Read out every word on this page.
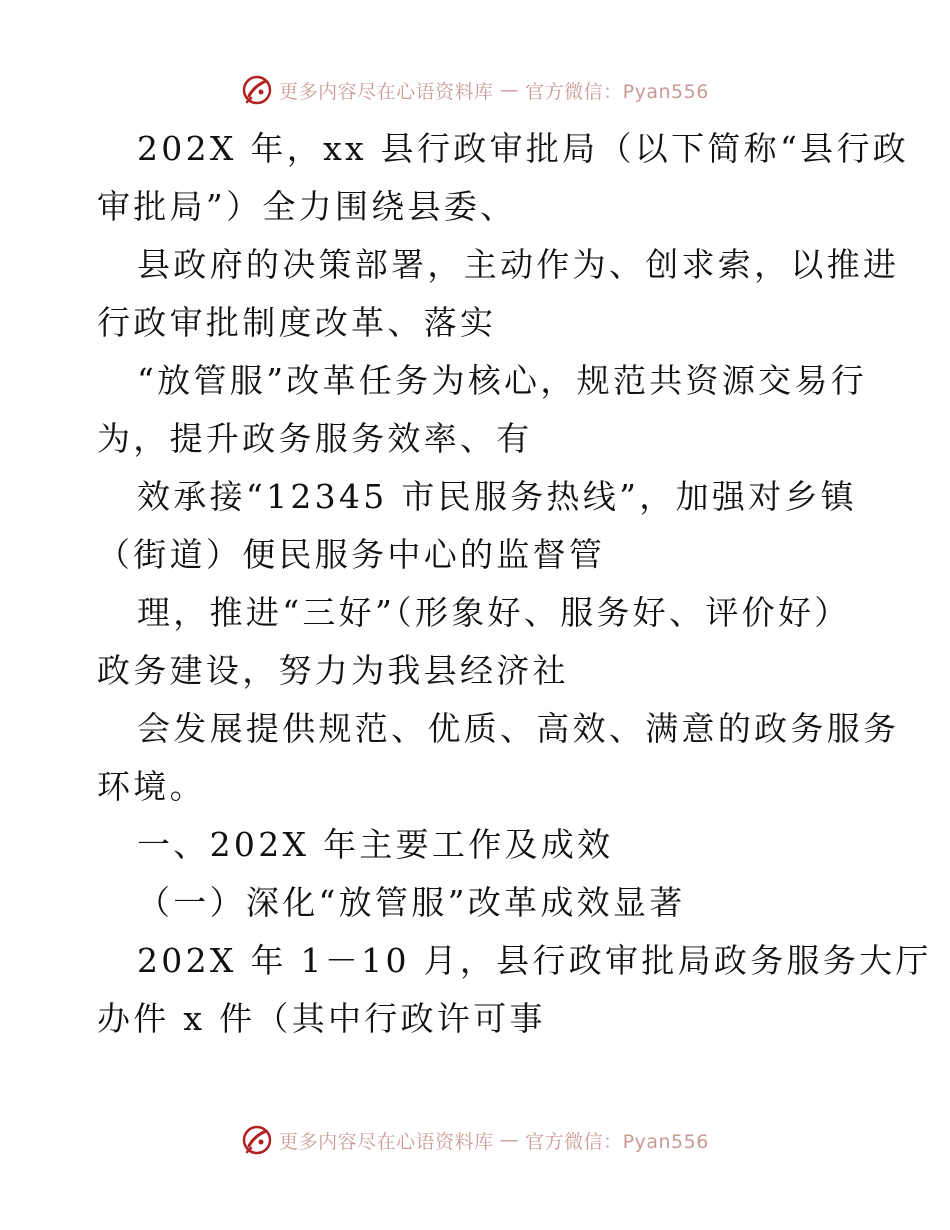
更多内容尽在心语资料库 — 官方微信：Pyan556
202X 年，xx 县行政审批局（以下简称“县行政
审批局”）全力围绕县委、
县政府的决策部署，主动作为、创求索，以推进
行政审批制度改革、落实
“放管服”改革任务为核心，规范共资源交易行
为，提升政务服务效率、有
效承接“12345 市民服务热线”，加强对乡镇
（街道）便民服务中心的监督管
理，推进“三好”（形象好、服务好、评价好）
政务建设，努力为我县经济社
会发展提供规范、优质、高效、满意的政务服务
环境。
一、202X 年主要工作及成效
（一）深化“放管服”改革成效显著
202X 年 1－10 月，县行政审批局政务服务大厅
办件 x 件（其中行政许可事
更多内容尽在心语资料库 — 官方微信：Pyan556
